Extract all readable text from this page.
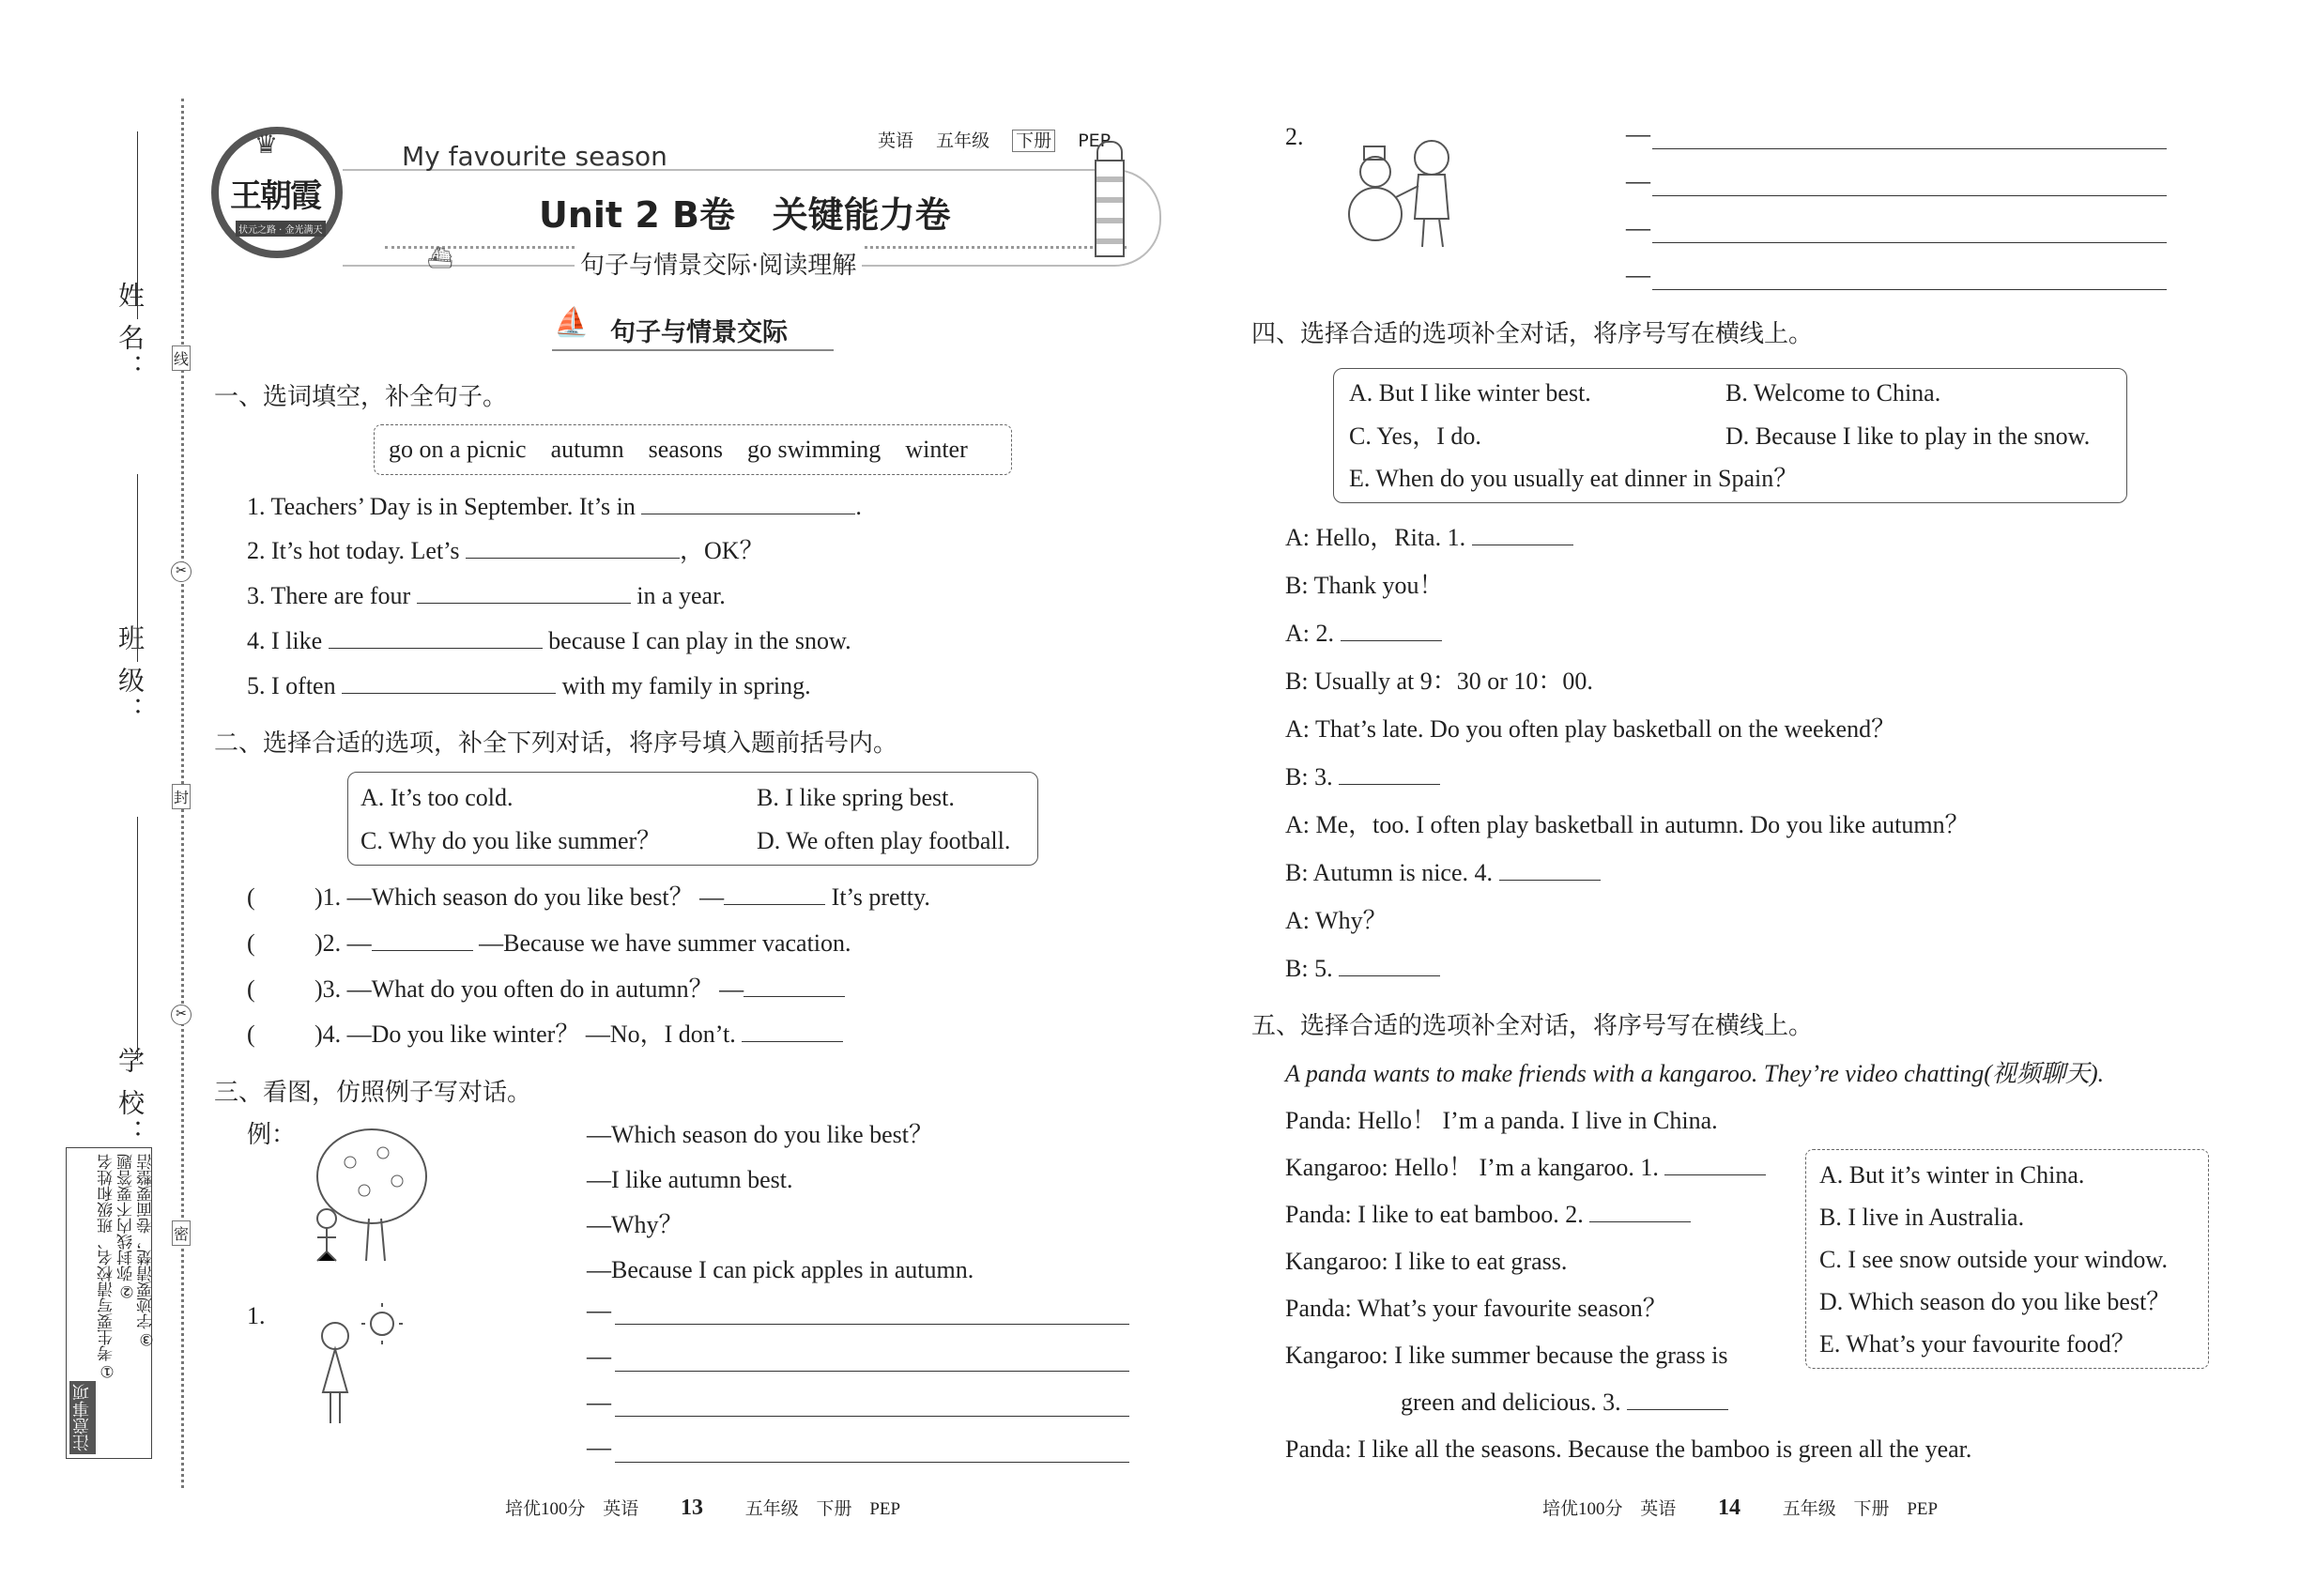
姓 名：
班 级：
学 校：
线
✂
封
✂
密
注意事项
①考生要写清校名、班级和姓名 ②弥封线内不要答题 ③字迹要清楚，卷面要整洁
♛
王朝霞
状元之路 · 金光满天
My favourite season	英语 五年级 下册 PEP
Unit 2 B卷   关键能力卷
句子与情景交际·阅读理解
⛴
⛵ 句子与情景交际
一、选词填空，补全句子。
go on a picnic autumn seasons go swimming winter
1. Teachers’ Day is in September. It’s in	.
2. It’s hot today. Let’s	，OK？
3. There are four	in a year.
4. I like	because I can play in the snow.
5. I often	with my family in spring.
二、选择合适的选项，补全下列对话，将序号填入题前括号内。
A. It’s too cold.	B. I like spring best.
C. Why do you like summer？	D. We often play football.
( )1. —Which season do you like best？ —	It’s pretty.
( )2. —	—Because we have summer vacation.
( )3. —What do you often do in autumn？ —
( )4. —Do you like winter？ —No，I don’t.
三、看图，仿照例子写对话。
例：	—Which season do you like best？
—I like autumn best.
—Why？
—Because I can pick apples in autumn.
1.	—
—
—
—
2.	—
—
—
—
四、选择合适的选项补全对话，将序号写在横线上。
A. But I like winter best.	B. Welcome to China.
C. Yes，I do.	D. Because I like to play in the snow.
E. When do you usually eat dinner in Spain？
A: Hello，Rita. 1.
B: Thank you！
A: 2.
B: Usually at 9：30 or 10：00.
A: That’s late. Do you often play basketball on the weekend？
B: 3.
A: Me，too. I often play basketball in autumn. Do you like autumn？
B: Autumn is nice. 4.
A: Why？
B: 5.
五、选择合适的选项补全对话，将序号写在横线上。
A panda wants to make friends with a kangaroo. They’re video chatting(视频聊天).
Panda: Hello！ I’m a panda. I live in China.
Kangaroo: Hello！ I’m a kangaroo. 1.
Panda: I like to eat bamboo. 2.
Kangaroo: I like to eat grass.
Panda: What’s your favourite season？
Kangaroo: I like summer because the grass is
green and delicious. 3.
Panda: I like all the seasons. Because the bamboo is green all the year.
A. But it’s winter in China.
B. I live in Australia.
C. I see snow outside your window.
D. Which season do you like best？
E. What’s your favourite food？
培优100分 英语 13 五年级 下册 PEP	培优100分 英语 14 五年级 下册 PEP
